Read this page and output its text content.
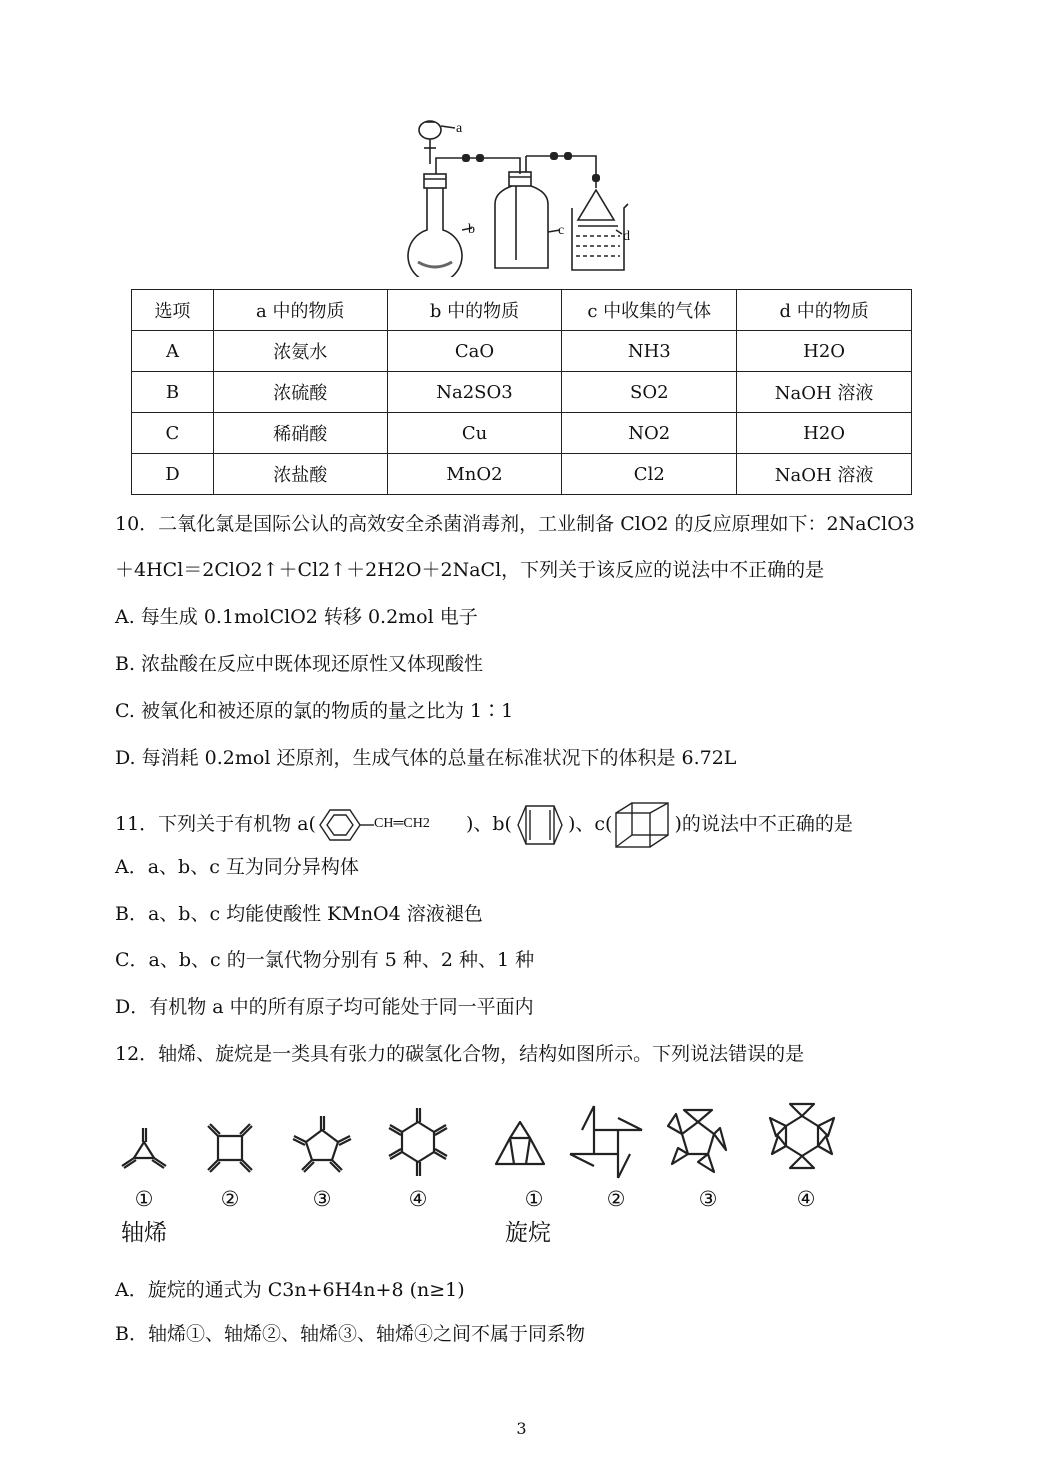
a
b	c	d
选项	a 中的物质	b 中的物质	c 中收集的气体	d 中的物质
A	浓氨水	CaO	NH3	H2O
B	浓硫酸	Na2SO3	SO2	NaOH 溶液
C	稀硝酸	Cu	NO2	H2O
D	浓盐酸	MnO2	Cl2	NaOH 溶液
10．二氧化氯是国际公认的高效安全杀菌消毒剂，工业制备 ClO2 的反应原理如下：2NaClO3
＋4HCl＝2ClO2↑＋Cl2↑＋2H2O＋2NaCl，下列关于该反应的说法中不正确的是
A. 每生成 0.1molClO2 转移 0.2mol 电子
B. 浓盐酸在反应中既体现还原性又体现酸性
C. 被氧化和被还原的氯的物质的量之比为 1∶1
D. 每消耗 0.2mol 还原剂，生成气体的总量在标准状况下的体积是 6.72L
11．下列关于有机物 a(	CH═CH2 )、b(	)、c(	)的说法中不正确的是
A．a、b、c 互为同分异构体
B．a、b、c 均能使酸性 KMnO4 溶液褪色
C．a、b、c 的一氯代物分别有 5 种、2 种、1 种
D．有机物 a 中的所有原子均可能处于同一平面内
12．轴烯、旋烷是一类具有张力的碳氢化合物，结构如图所示。下列说法错误的是
①	②	③	④	①	②	③	④
轴烯	旋烷
A．旋烷的通式为 C3n+6H4n+8 (n≥1)
B．轴烯①、轴烯②、轴烯③、轴烯④之间不属于同系物
3
